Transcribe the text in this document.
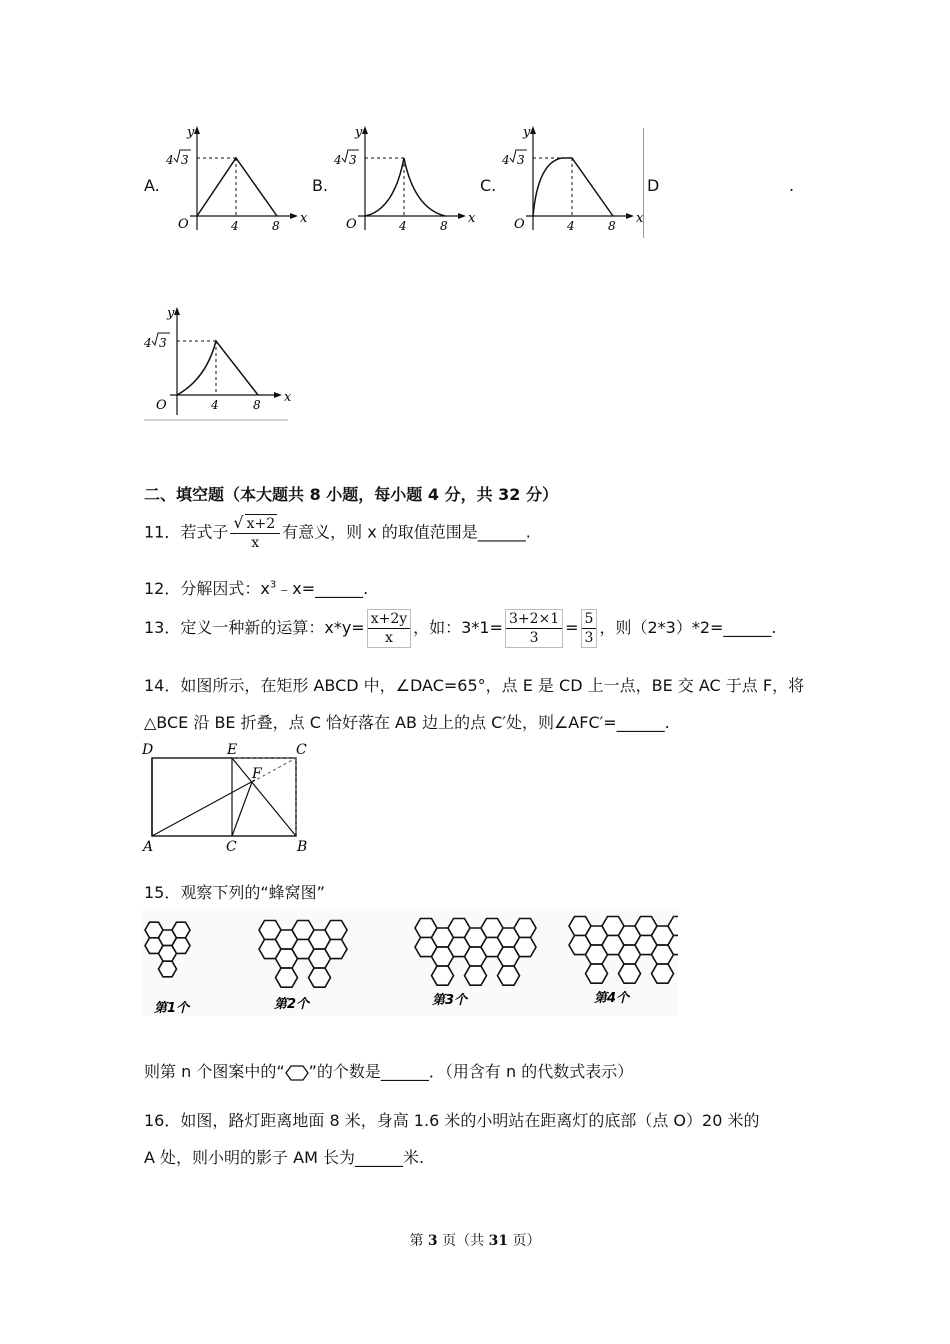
A.	B.	C.	D	.
y
x
O
4 3
4	8
y
x
O
4 3
4	8
y
x
O
4 3
4	8
y
x
O
4 3
4	8
二、填空题（本大题共 8 小题，每小题 4 分，共 32 分）
11．若式子 $\frac{√ x+2}{x}$ 有意义，则 x 的取值范围是______.
12．分解因式：$x^3﹣x=\_\_\_\_\_\_$.
13．定义一种新的运算：$x*y= \frac{x+2y}{x}$ ，如：$3*1= \frac{3+2\times 1}{3} = \frac{5}{3}$ ，则（2*3）*2=______.
14．如图所示，在矩形 ABCD 中，∠DAC=65°，点 E 是 CD 上一点，BE 交 AC 于点 F，将
△BCE 沿 BE 折叠，点 C 恰好落在 AB 边上的点 C′处，则∠AFC′=______.
D	E	C
F
A	C	B
15．观察下列的“蜂窝图”
第1个	第2个	第3个	第4个
则第 n 个图案中的“ ”的个数是______．（用含有 n 的代数式表示）
16．如图，路灯距离地面 8 米，身高 1.6 米的小明站在距离灯的底部（点 O）20 米的
A 处，则小明的影子 AM 长为______米.
第 3 页（共 31 页）
